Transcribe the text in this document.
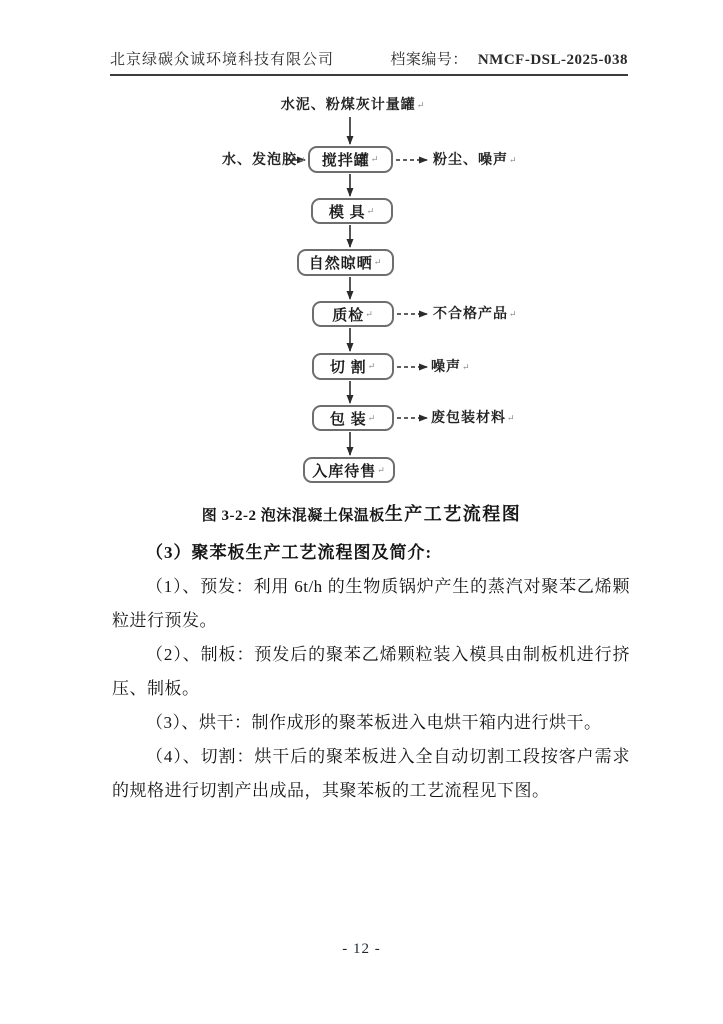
北京绿碳众诚环境科技有限公司	档案编号： NMCF-DSL-2025-038
水泥、粉煤灰计量罐↵
水、发泡胶↵ 搅拌罐 ↵
模 具 ↵
自然晾晒 ↵
质检 ↵
切 割 ↵
包 装 ↵
入库待售 ↵
粉尘、噪声↵
不合格产品↵
噪声↵
废包装材料↵
图 3-2-2 泡沫混凝土保温板生产工艺流程图

（3）聚苯板生产工艺流程图及简介:

（1）、预发：利用 6t/h 的生物质锅炉产生的蒸汽对聚苯乙烯颗粒进行预发。

（2）、制板：预发后的聚苯乙烯颗粒装入模具由制板机进行挤压、制板。

（3）、烘干：制作成形的聚苯板进入电烘干箱内进行烘干。

（4）、切割：烘干后的聚苯板进入全自动切割工段按客户需求的规格进行切割产出成品，其聚苯板的工艺流程见下图。

- 12 -
